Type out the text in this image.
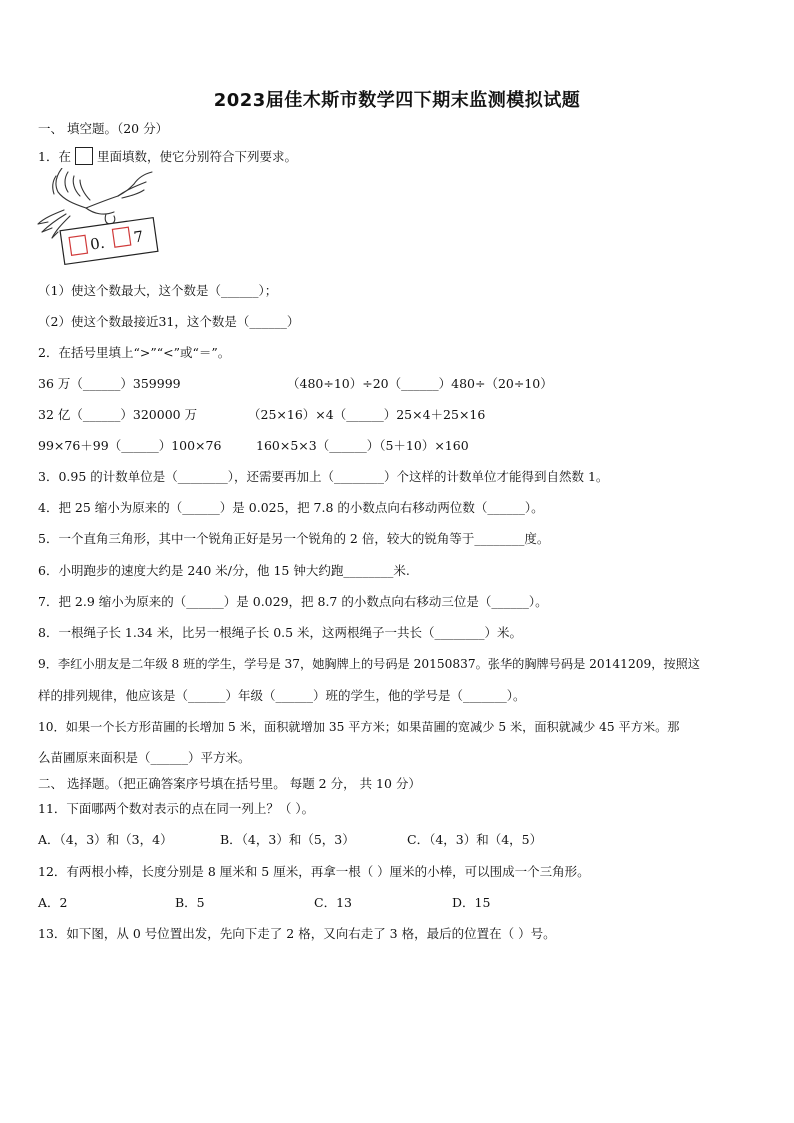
2023届佳木斯市数学四下期末监测模拟试题
一、 填空题。（20 分）
1．在 里面填数，使它分别符合下列要求。
0. 7
（1）使这个数最大，这个数是（______）；
（2）使这个数最接近31，这个数是（______）
2．在括号里填上“>”“<”或“＝”。
36 万（______）359999	（480÷10）÷20（______）480÷（20÷10）
32 亿（______）320000 万	（25×16）×4（______）25×4＋25×16
99×76＋99（______）100×76	160×5×3（______）（5＋10）×160
3．0.95 的计数单位是（________），还需要再加上（________）个这样的计数单位才能得到自然数 1。
4．把 25 缩小为原来的（______）是 0.025，把 7.8 的小数点向右移动两位数（______）。
5．一个直角三角形，其中一个锐角正好是另一个锐角的 2 倍，较大的锐角等于________度。
6．小明跑步的速度大约是 240 米/分，他 15 钟大约跑________米.
7．把 2.9 缩小为原来的（______）是 0.029，把 8.7 的小数点向右移动三位是（______）。
8．一根绳子长 1.34 米，比另一根绳子长 0.5 米，这两根绳子一共长（________）米。
9．李红小朋友是二年级 8 班的学生，学号是 37，她胸牌上的号码是 20150837。张华的胸牌号码是 20141209，按照这
样的排列规律，他应该是（______）年级（______）班的学生，他的学号是（_______）。
10．如果一个长方形苗圃的长增加 5 米，面积就增加 35 平方米；如果苗圃的宽减少 5 米，面积就减少 45 平方米。那
么苗圃原来面积是（______）平方米。
二、 选择题。（把正确答案序号填在括号里。 每题 2 分， 共 10 分）
11．下面哪两个数对表示的点在同一列上？（ ）。
A．（4，3）和（3，4）	B．（4，3）和（5，3）	C．（4，3）和（4，5）
12．有两根小棒，长度分别是 8 厘米和 5 厘米，再拿一根（ ）厘米的小棒，可以围成一个三角形。
A．2	B．5	C．13	D．15
13．如下图，从 0 号位置出发，先向下走了 2 格，又向右走了 3 格，最后的位置在（ ）号。
